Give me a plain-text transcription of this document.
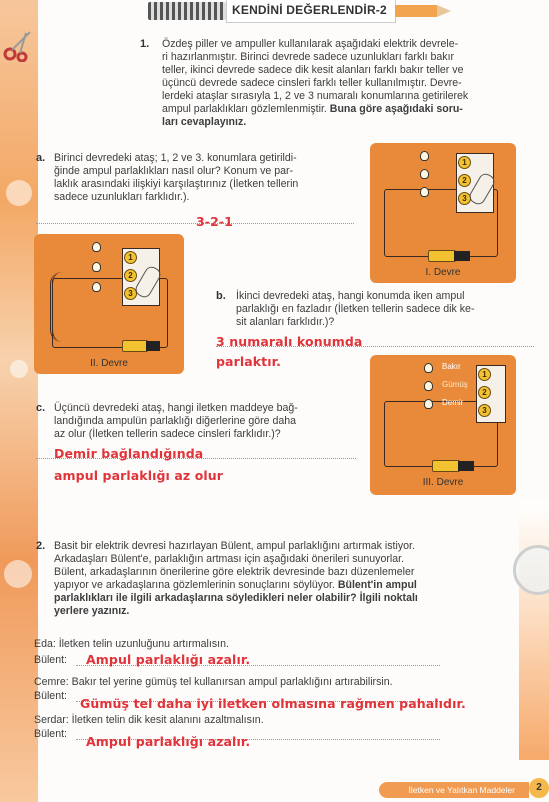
KENDİNİ DEĞERLENDİR-2
1. Özdeş piller ve ampuller kullanılarak aşağıdaki elektrik devrele-
ri hazırlanmıştır. Birinci devrede sadece uzunlukları farklı bakır
teller, ikinci devrede sadece dik kesit alanları farklı bakır teller ve
üçüncü devrede sadece cinsleri farklı teller kullanılmıştır. Devre-
lerdeki ataşlar sırasıyla 1, 2 ve 3 numaralı konumlarına getirilerek
ampul parlaklıkları gözlemlenmiştir. Buna göre aşağıdaki soru-
ları cevaplayınız.
a. Birinci devredeki ataş; 1, 2 ve 3. konumlara getirildi-
ğinde ampul parlaklıkları nasıl olur? Konum ve par-
laklık arasındaki ilişkiyi karşılaştırınız (İletken tellerin
sadece uzunlukları farklıdır.).
3-2-1
1
2
3
I. Devre
1
2
3
II. Devre
b. İkinci devredeki ataş, hangi konumda iken ampul
parlaklığı en fazladır (İletken tellerin sadece dik ke-
sit alanları farklıdır.)?
3 numaralı konumda
parlaktır.	Bakır
Gümüş
Demir
1
2
3
III. Devre
c. Üçüncü devredeki ataş, hangi iletken maddeye bağ-
landığında ampulün parlaklığı diğerlerine göre daha
az olur (İletken tellerin sadece cinsleri farklıdır.)?
Demir bağlandığında
ampul parlaklığı az olur
2. Basit bir elektrik devresi hazırlayan Bülent, ampul parlaklığını artırmak istiyor.
Arkadaşları Bülent'e, parlaklığın artması için aşağıdaki önerileri sunuyorlar.
Bülent, arkadaşlarının önerilerine göre elektrik devresinde bazı düzenlemeler
yapıyor ve arkadaşlarına gözlemlerinin sonuçlarını söylüyor. Bülent'in ampul
parlaklıkları ile ilgili arkadaşlarına söyledikleri neler olabilir? İlgili noktalı
yerlere yazınız.
Eda: İletken telin uzunluğunu artırmalısın.
Bülent: Ampul parlaklığı azalır.
Cemre: Bakır tel yerine gümüş tel kullanırsan ampul parlaklığını artırabilirsin.
Bülent: Gümüş tel daha iyi iletken olmasına rağmen pahalıdır.
Serdar: İletken telin dik kesit alanını azaltmalısın.
Bülent: Ampul parlaklığı azalır.
İletken ve Yalıtkan Maddeler	2
